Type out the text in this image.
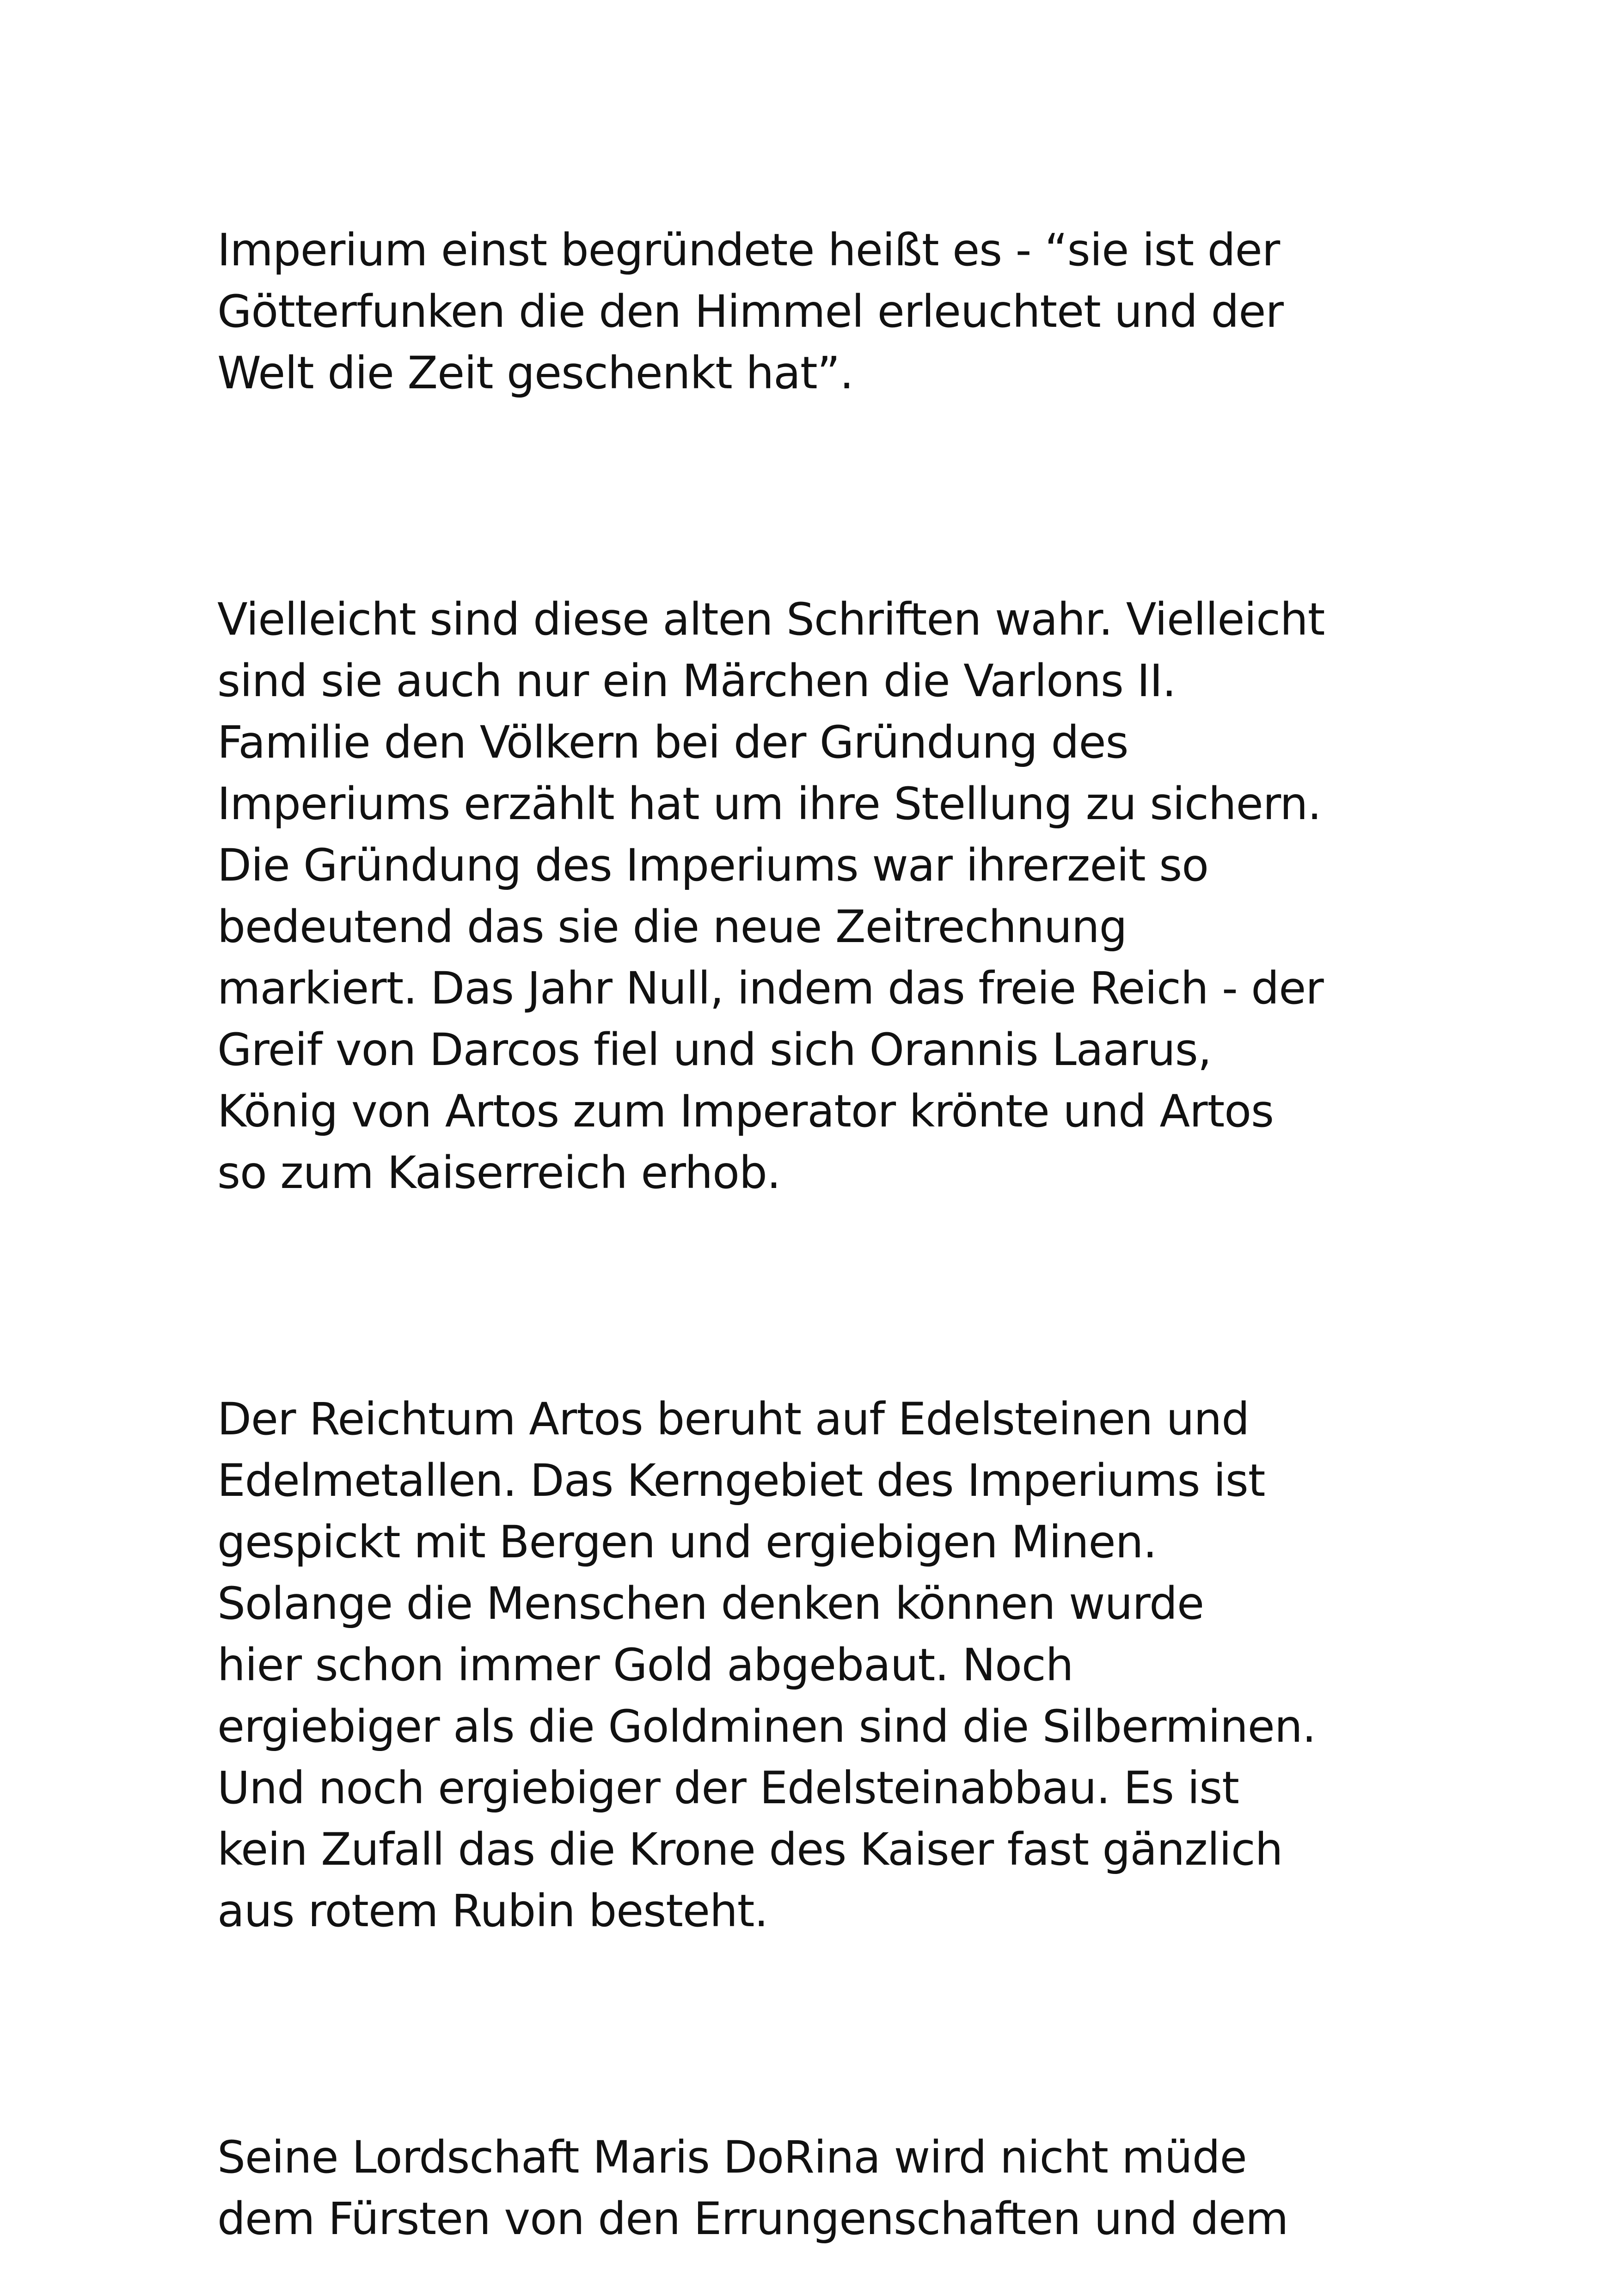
Imperium einst begründete heißt es - “sie ist der
Götterfunken die den Himmel erleuchtet und der
Welt die Zeit geschenkt hat”.

Vielleicht sind diese alten Schriften wahr. Vielleicht
sind sie auch nur ein Märchen die Varlons II.
Familie den Völkern bei der Gründung des
Imperiums erzählt hat um ihre Stellung zu sichern.
Die Gründung des Imperiums war ihrerzeit so
bedeutend das sie die neue Zeitrechnung
markiert. Das Jahr Null, indem das freie Reich - der
Greif von Darcos fiel und sich Orannis Laarus,
König von Artos zum Imperator krönte und Artos
so zum Kaiserreich erhob.

Der Reichtum Artos beruht auf Edelsteinen und
Edelmetallen. Das Kerngebiet des Imperiums ist
gespickt mit Bergen und ergiebigen Minen.
Solange die Menschen denken können wurde
hier schon immer Gold abgebaut. Noch
ergiebiger als die Goldminen sind die Silberminen.
Und noch ergiebiger der Edelsteinabbau. Es ist
kein Zufall das die Krone des Kaiser fast gänzlich
aus rotem Rubin besteht.

Seine Lordschaft Maris DoRina wird nicht müde
dem Fürsten von den Errungenschaften und dem
